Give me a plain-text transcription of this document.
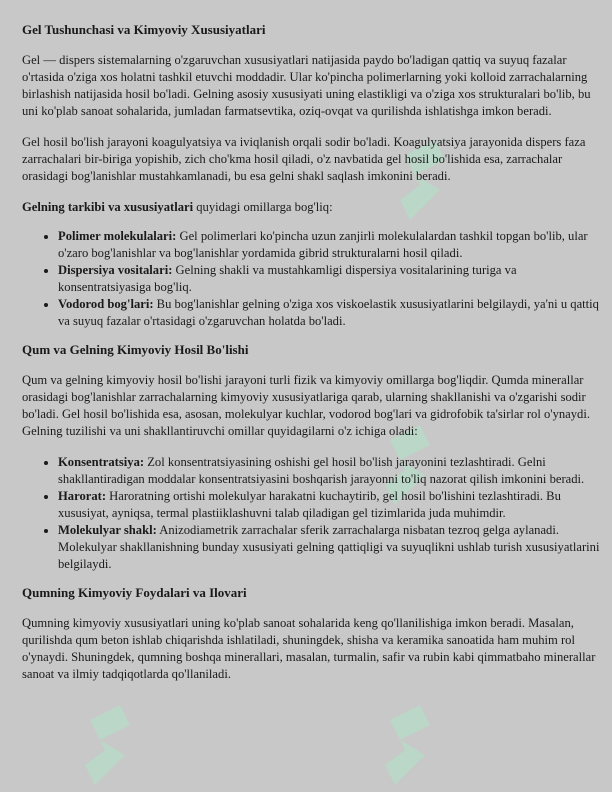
Gel Tushunchasi va Kimyoviy Xususiyatlari

Gel — dispers sistemalarning o'zgaruvchan xususiyatlari natijasida paydo bo'ladigan qattiq va suyuq fazalar o'rtasida o'ziga xos holatni tashkil etuvchi moddadir. Ular ko'pincha polimerlarning yoki kolloid zarrachalarning birlashish natijasida hosil bo'ladi. Gelning asosiy xususiyati uning elastikligi va o'ziga xos strukturalari bo'lib, bu uni ko'plab sanoat sohalarida, jumladan farmatsevtika, oziq-ovqat va qurilishda ishlatishga imkon beradi.

Gel hosil bo'lish jarayoni koagulyatsiya va iviqlanish orqali sodir bo'ladi. Koagulyatsiya jarayonida dispers faza zarrachalari bir-biriga yopishib, zich cho'kma hosil qiladi, o'z navbatida gel hosil bo'lishida esa, zarrachalar orasidagi bog'lanishlar mustahkamlanadi, bu esa gelni shakl saqlash imkonini beradi.

Gelning tarkibi va xususiyatlari quyidagi omillarga bog'liq:

• Polimer molekulalari: Gel polimerlari ko'pincha uzun zanjirli molekulalardan tashkil topgan bo'lib, ular o'zaro bog'lanishlar va bog'lanishlar yordamida gibrid strukturalarni hosil qiladi.
• Dispersiya vositalari: Gelning shakli va mustahkamligi dispersiya vositalarining turiga va konsentratsiyasiga bog'liq.
• Vodorod bog'lari: Bu bog'lanishlar gelning o'ziga xos viskoelastik xususiyatlarini belgilaydi, ya'ni u qattiq va suyuq fazalar o'rtasidagi o'zgaruvchan holatda bo'ladi.
Qum va Gelning Kimyoviy Hosil Bo'lishi

Qum va gelning kimyoviy hosil bo'lishi jarayoni turli fizik va kimyoviy omillarga bog'liqdir. Qumda minerallar orasidagi bog'lanishlar zarrachalarning kimyoviy xususiyatlariga qarab, ularning shakllanishi va o'zgarishi sodir bo'ladi. Gel hosil bo'lishida esa, asosan, molekulyar kuchlar, vodorod bog'lari va gidrofobik ta'sirlar rol o'ynaydi. Gelning tuzilishi va uni shakllantiruvchi omillar quyidagilarni o'z ichiga oladi:

• Konsentratsiya: Zol konsentratsiyasining oshishi gel hosil bo'lish jarayonini tezlashtiradi. Gelni shakllantiradigan moddalar konsentratsiyasini boshqarish jarayonni to'liq nazorat qilish imkonini beradi.
• Harorat: Haroratning ortishi molekulyar harakatni kuchaytirib, gel hosil bo'lishini tezlashtiradi. Bu xususiyat, ayniqsa, termal plastiiklashuvni talab qiladigan gel tizimlarida juda muhimdir.
• Molekulyar shakl: Anizodiametrik zarrachalar sferik zarrachalarga nisbatan tezroq gelga aylanadi. Molekulyar shakllanishning bunday xususiyati gelning qattiqligi va suyuqlikni ushlab turish xususiyatlarini belgilaydi.
Qumning Kimyoviy Foydalari va Ilovari

Qumning kimyoviy xususiyatlari uning ko'plab sanoat sohalarida keng qo'llanilishiga imkon beradi. Masalan, qurilishda qum beton ishlab chiqarishda ishlatiladi, shuningdek, shisha va keramika sanoatida ham muhim rol o'ynaydi. Shuningdek, qumning boshqa minerallari, masalan, turmalin, safir va rubin kabi qimmatbaho minerallar sanoat va ilmiy tadqiqotlarda qo'llaniladi.
